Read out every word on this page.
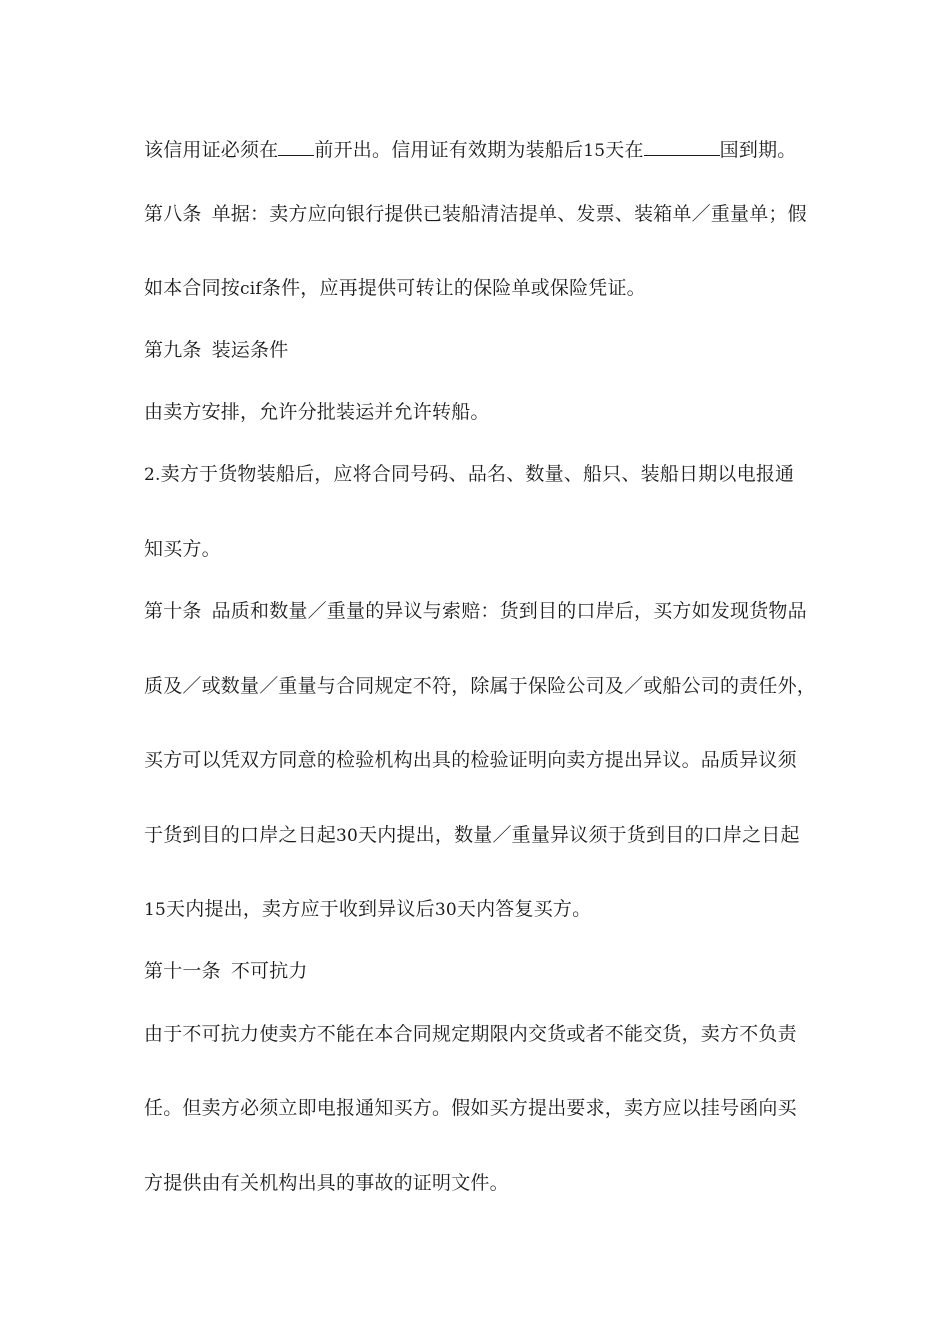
该信用证必须在 前开出。信用证有效期为装船后15天在	国到期。
第八条 单据：卖方应向银行提供已装船清洁提单、发票、装箱单／重量单；假
如本合同按cif条件，应再提供可转让的保险单或保险凭证。
第九条 装运条件
由卖方安排，允许分批装运并允许转船。
2.卖方于货物装船后，应将合同号码、品名、数量、船只、装船日期以电报通
知买方。
第十条 品质和数量／重量的异议与索赔：货到目的口岸后，买方如发现货物品
质及／或数量／重量与合同规定不符，除属于保险公司及／或船公司的责任外，
买方可以凭双方同意的检验机构出具的检验证明向卖方提出异议。品质异议须
于货到目的口岸之日起30天内提出，数量／重量异议须于货到目的口岸之日起
15天内提出，卖方应于收到异议后30天内答复买方。
第十一条 不可抗力
由于不可抗力使卖方不能在本合同规定期限内交货或者不能交货，卖方不负责
任。但卖方必须立即电报通知买方。假如买方提出要求，卖方应以挂号函向买
方提供由有关机构出具的事故的证明文件。
